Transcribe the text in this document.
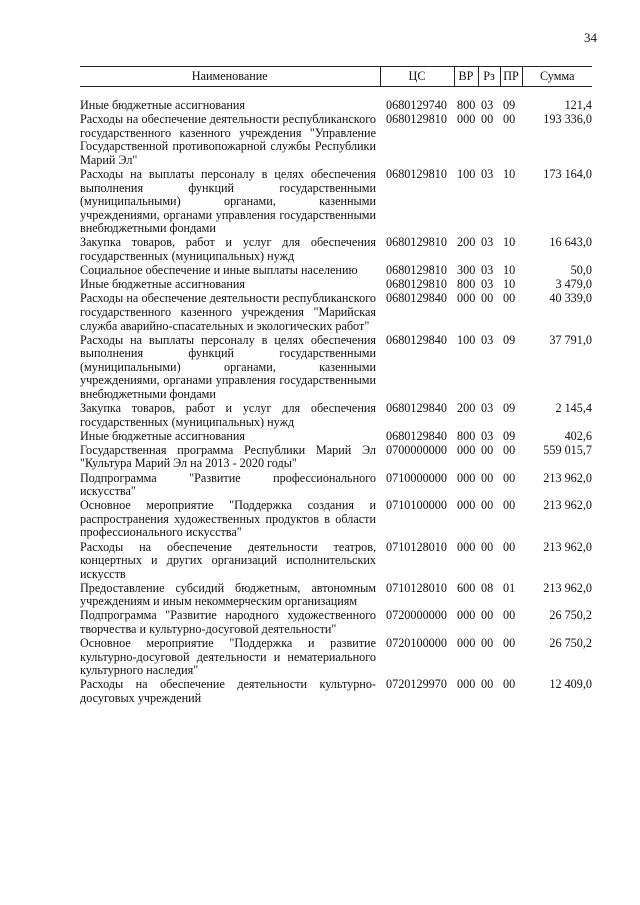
34
Наименование	ЦС	ВР	Рз	ПР	Сумма

Иные бюджетные ассигнования	0680129740	800	03	09	121,4
Расходы на обеспечение деятельности республиканского государственного казенного учреждения "Управление Государственной противопожарной службы Республики Марий Эл"	0680129810	000	00	00	193 336,0
Расходы на выплаты персоналу в целях обеспечения выполнения функций государственными (муниципальными) органами, казенными учреждениями, органами управления государственными внебюджетными фондами	0680129810	100	03	10	173 164,0
Закупка товаров, работ и услуг для обеспечения государственных (муниципальных) нужд	0680129810	200	03	10	16 643,0
Социальное обеспечение и иные выплаты населению	0680129810	300	03	10	50,0
Иные бюджетные ассигнования	0680129810	800	03	10	3 479,0
Расходы на обеспечение деятельности республиканского государственного казенного учреждения "Марийская служба аварийно-спасательных и экологических работ"	0680129840	000	00	00	40 339,0
Расходы на выплаты персоналу в целях обеспечения выполнения функций государственными (муниципальными) органами, казенными учреждениями, органами управления государственными внебюджетными фондами	0680129840	100	03	09	37 791,0
Закупка товаров, работ и услуг для обеспечения государственных (муниципальных) нужд	0680129840	200	03	09	2 145,4
Иные бюджетные ассигнования	0680129840	800	03	09	402,6
Государственная программа Республики Марий Эл "Культура Марий Эл на 2013 - 2020 годы"	0700000000	000	00	00	559 015,7
Подпрограмма "Развитие профессионального искусства"	0710000000	000	00	00	213 962,0
Основное мероприятие "Поддержка создания и распространения художественных продуктов в области профессионального искусства"	0710100000	000	00	00	213 962,0
Расходы на обеспечение деятельности театров, концертных и других организаций исполнительских искусств	0710128010	000	00	00	213 962,0
Предоставление субсидий бюджетным, автономным учреждениям и иным некоммерческим организациям	0710128010	600	08	01	213 962,0
Подпрограмма "Развитие народного художественного творчества и культурно-досуговой деятельности"	0720000000	000	00	00	26 750,2
Основное мероприятие "Поддержка и развитие культурно-досуговой деятельности и нематериального культурного наследия"	0720100000	000	00	00	26 750,2
Расходы на обеспечение деятельности культурно-досуговых учреждений	0720129970	000	00	00	12 409,0
